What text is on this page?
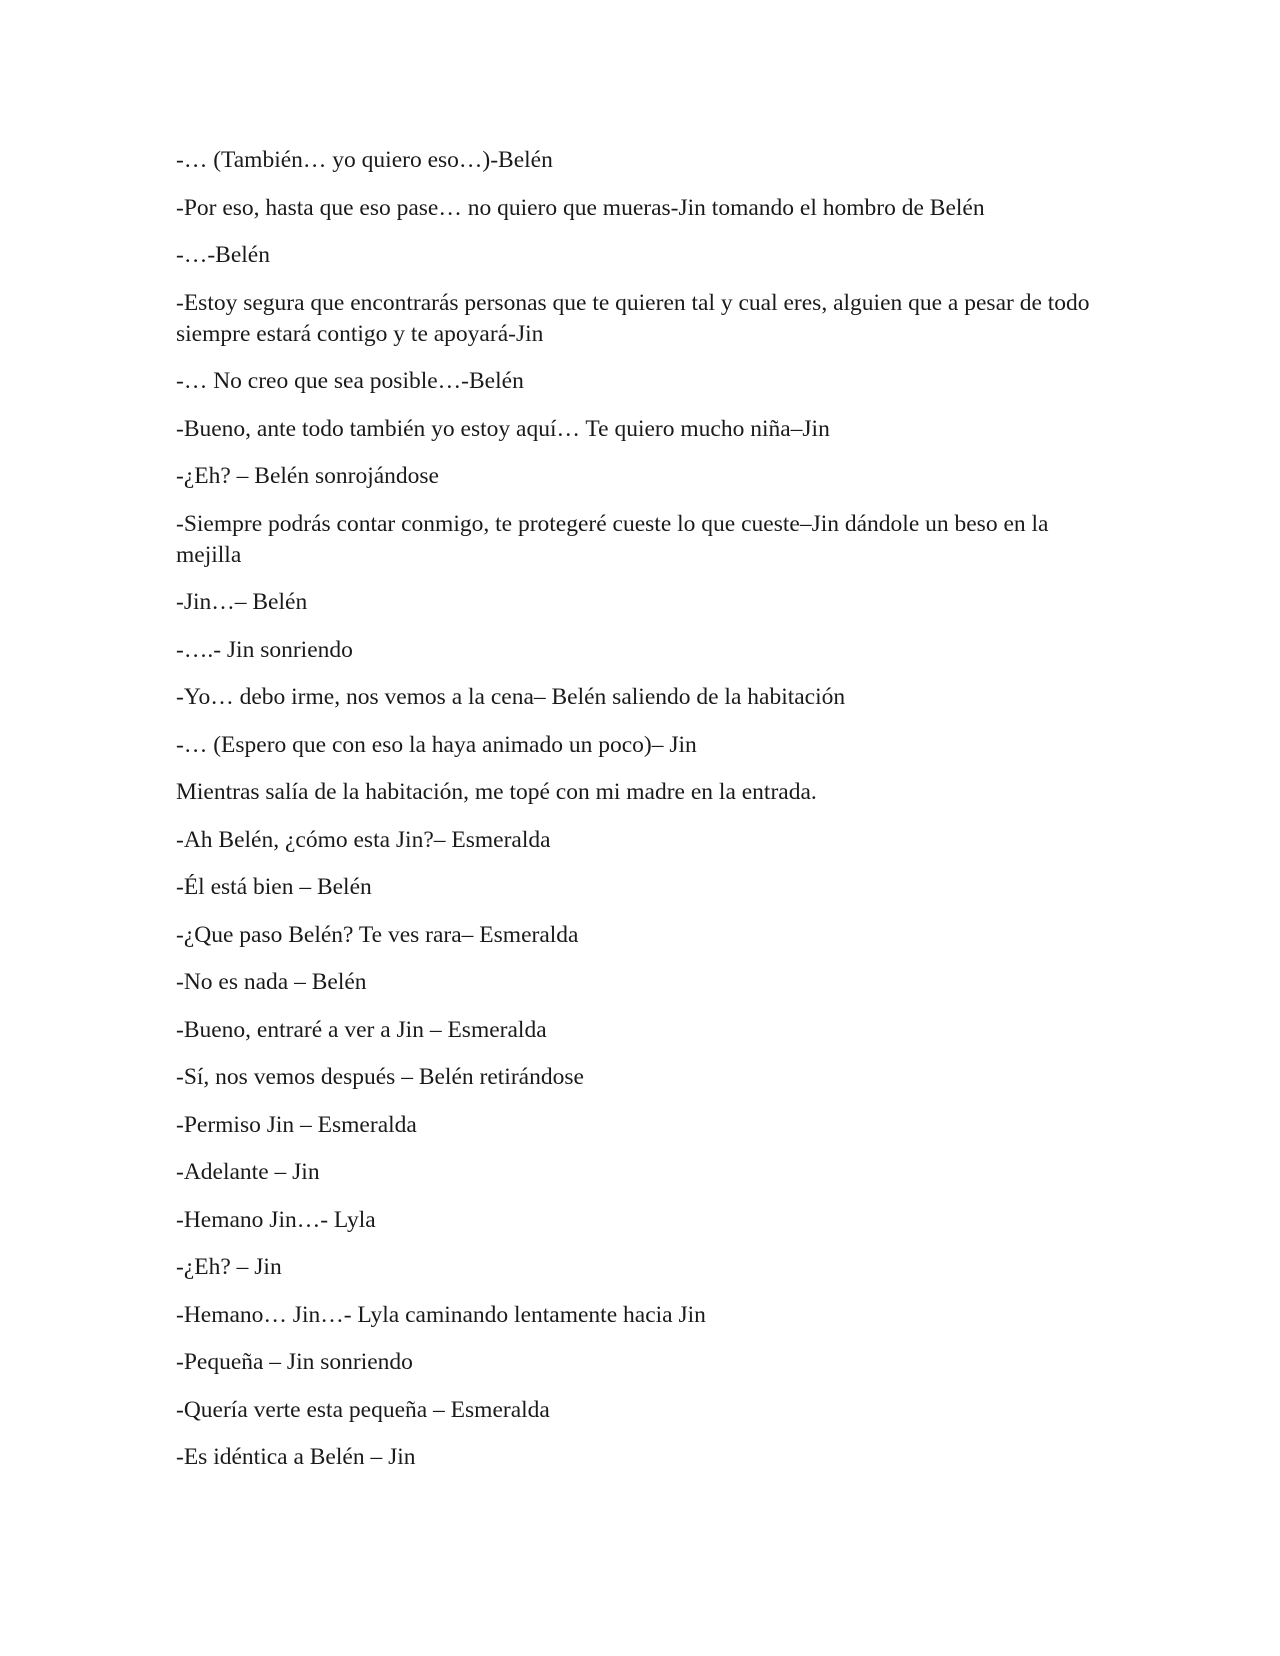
-… (También… yo quiero eso…)-Belén

-Por eso, hasta que eso pase… no quiero que mueras-Jin tomando el hombro de Belén

-…-Belén

-Estoy segura que encontrarás personas que te quieren tal y cual eres, alguien que a pesar de todo siempre estará contigo y te apoyará-Jin

-… No creo que sea posible…-Belén

-Bueno, ante todo también yo estoy aquí… Te quiero mucho niña–Jin

-¿Eh? – Belén sonrojándose

-Siempre podrás contar conmigo, te protegeré cueste lo que cueste–Jin dándole un beso en la mejilla

-Jin…– Belén

-….- Jin sonriendo

-Yo… debo irme, nos vemos a la cena– Belén saliendo de la habitación

-… (Espero que con eso la haya animado un poco)– Jin

Mientras salía de la habitación, me topé con mi madre en la entrada.

-Ah Belén, ¿cómo esta Jin?– Esmeralda

-Él está bien – Belén

-¿Que paso Belén? Te ves rara– Esmeralda

-No es nada – Belén

-Bueno, entraré a ver a Jin – Esmeralda

-Sí, nos vemos después – Belén retirándose

-Permiso Jin – Esmeralda

-Adelante – Jin

-Hemano Jin…- Lyla

-¿Eh? – Jin

-Hemano… Jin…- Lyla caminando lentamente hacia Jin

-Pequeña – Jin sonriendo

-Quería verte esta pequeña – Esmeralda

-Es idéntica a Belén – Jin
